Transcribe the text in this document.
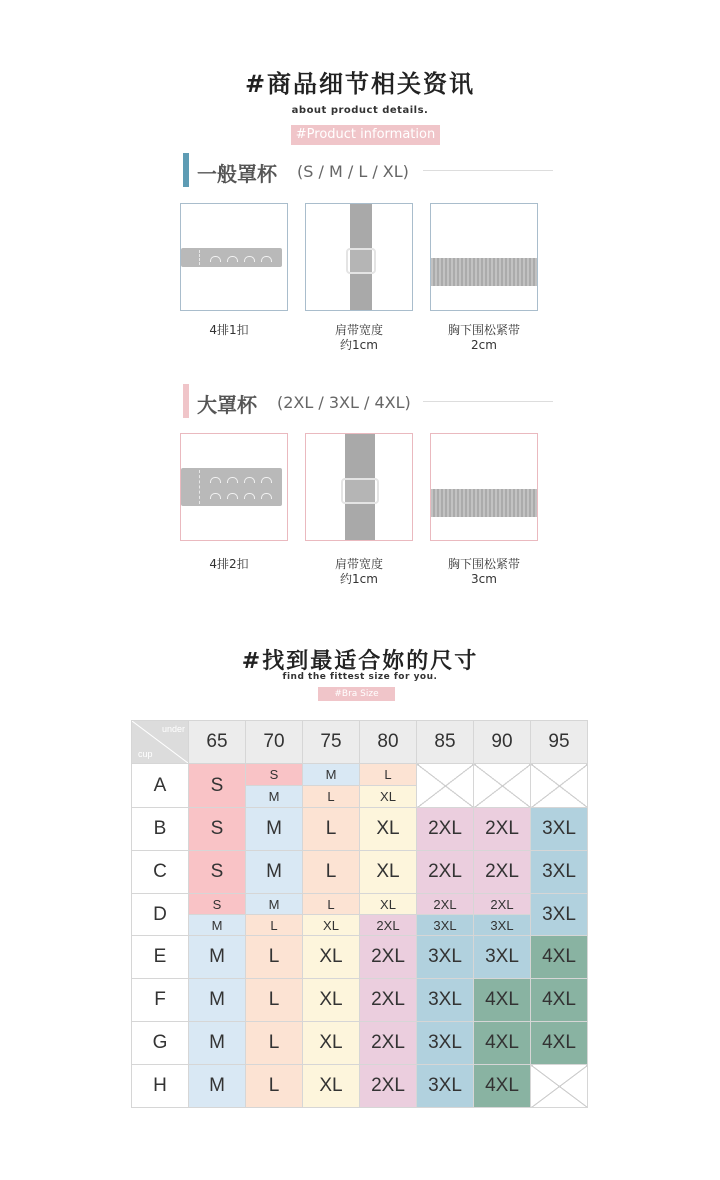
#商品细节相关资讯
about product details.
#Product information
一般罩杯 (S / M / L / XL)
4排1扣	肩带宽度
约1cm
胸下围松紧带
2cm
大罩杯 (2XL / 3XL / 4XL)
4排2扣	肩带宽度
约1cm
胸下围松紧带
3cm
#找到最适合妳的尺寸
find the fittest size for you.
#Bra Size
under
cup	65	70	75	80	85	90	95
A	S	S	M	L			
		M	L	XL			
B	S	M	L	XL	2XL	2XL	3XL
C	S	M	L	XL	2XL	2XL	3XL
D	S	M	L	XL	2XL	2XL	3XL
	M	L	XL	2XL	3XL	3XL	
E	M	L	XL	2XL	3XL	3XL	4XL
F	M	L	XL	2XL	3XL	4XL	4XL
G	M	L	XL	2XL	3XL	4XL	4XL
H	M	L	XL	2XL	3XL	4XL	
